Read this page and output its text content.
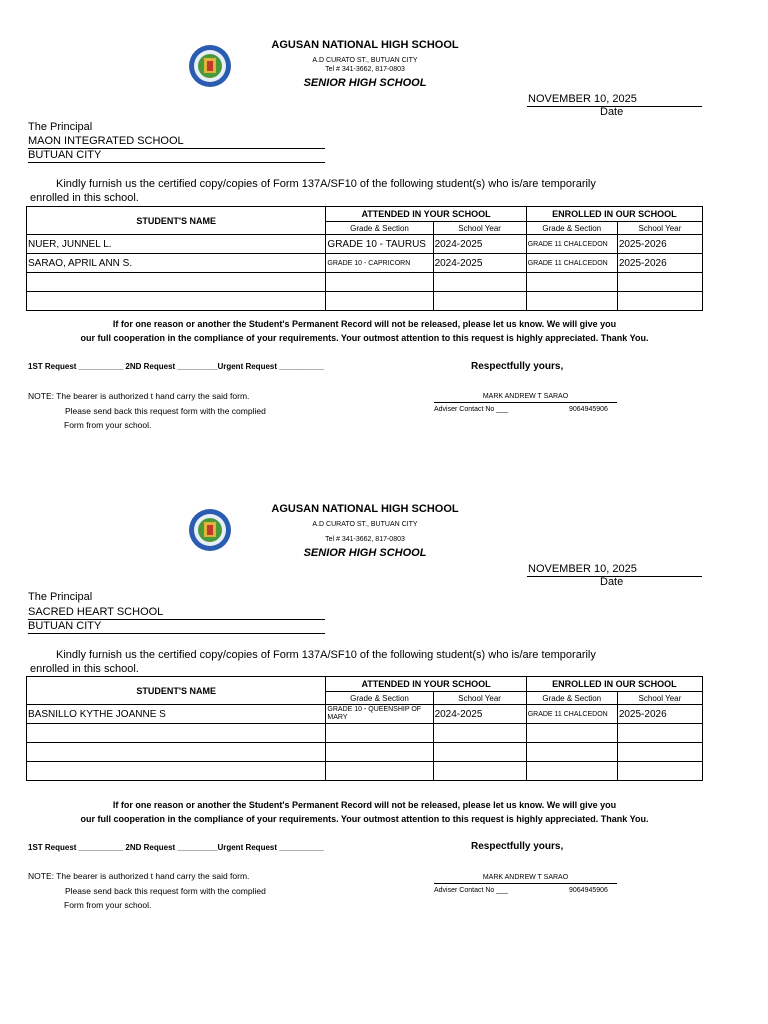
AGUSAN NATIONAL HIGH SCHOOL
A.D CURATO ST., BUTUAN CITY
Tel # 341-3662, 817-0803
SENIOR HIGH SCHOOL
NOVEMBER 10, 2025
Date
The Principal
MAON INTEGRATED SCHOOL
BUTUAN CITY
Kindly furnish us the certified copy/copies of Form 137A/SF10 of the following student(s) who is/are temporarily
enrolled in this school.
STUDENT'S NAME	ATTENDED IN YOUR SCHOOL		ENROLLED IN OUR SCHOOL	
	Grade & Section	School Year	Grade & Section	School Year
NUER, JUNNEL L.	GRADE 10 - TAURUS	2024-2025	GRADE 11 CHALCEDON	2025-2026
SARAO, APRIL ANN S.	GRADE 10 - CAPRICORN	2024-2025	GRADE 11 CHALCEDON	2025-2026

If for one reason or another the Student's Permanent Record will not be released, please let us know. We will give you
our full cooperation in the compliance of your requirements. Your outmost attention to this request is highly appreciated. Thank You.
1ST Request __________ 2ND Request _________Urgent Request __________	Respectfully yours,
NOTE: The bearer is authorized t hand carry the said form.
Please send back this request form with the complied
Form from your school.
MARK ANDREW T SARAO
Adviser Contact No ___	9064945906
AGUSAN NATIONAL HIGH SCHOOL
A.D CURATO ST., BUTUAN CITY
Tel # 341-3662, 817-0803
SENIOR HIGH SCHOOL
NOVEMBER 10, 2025
Date
The Principal
SACRED HEART SCHOOL
BUTUAN CITY
Kindly furnish us the certified copy/copies of Form 137A/SF10 of the following student(s) who is/are temporarily
enrolled in this school.
STUDENT'S NAME	ATTENDED IN YOUR SCHOOL		ENROLLED IN OUR SCHOOL	
	Grade & Section	School Year	Grade & Section	School Year
BASNILLO KYTHE JOANNE S	GRADE 10 - QUEENSHIP OF MARY	2024-2025	GRADE 11 CHALCEDON	2025-2026

If for one reason or another the Student's Permanent Record will not be released, please let us know. We will give you
our full cooperation in the compliance of your requirements. Your outmost attention to this request is highly appreciated. Thank You.
1ST Request __________ 2ND Request _________Urgent Request __________	Respectfully yours,
NOTE: The bearer is authorized t hand carry the said form.
Please send back this request form with the complied
Form from your school.
MARK ANDREW T SARAO
Adviser Contact No ___	9064945906
